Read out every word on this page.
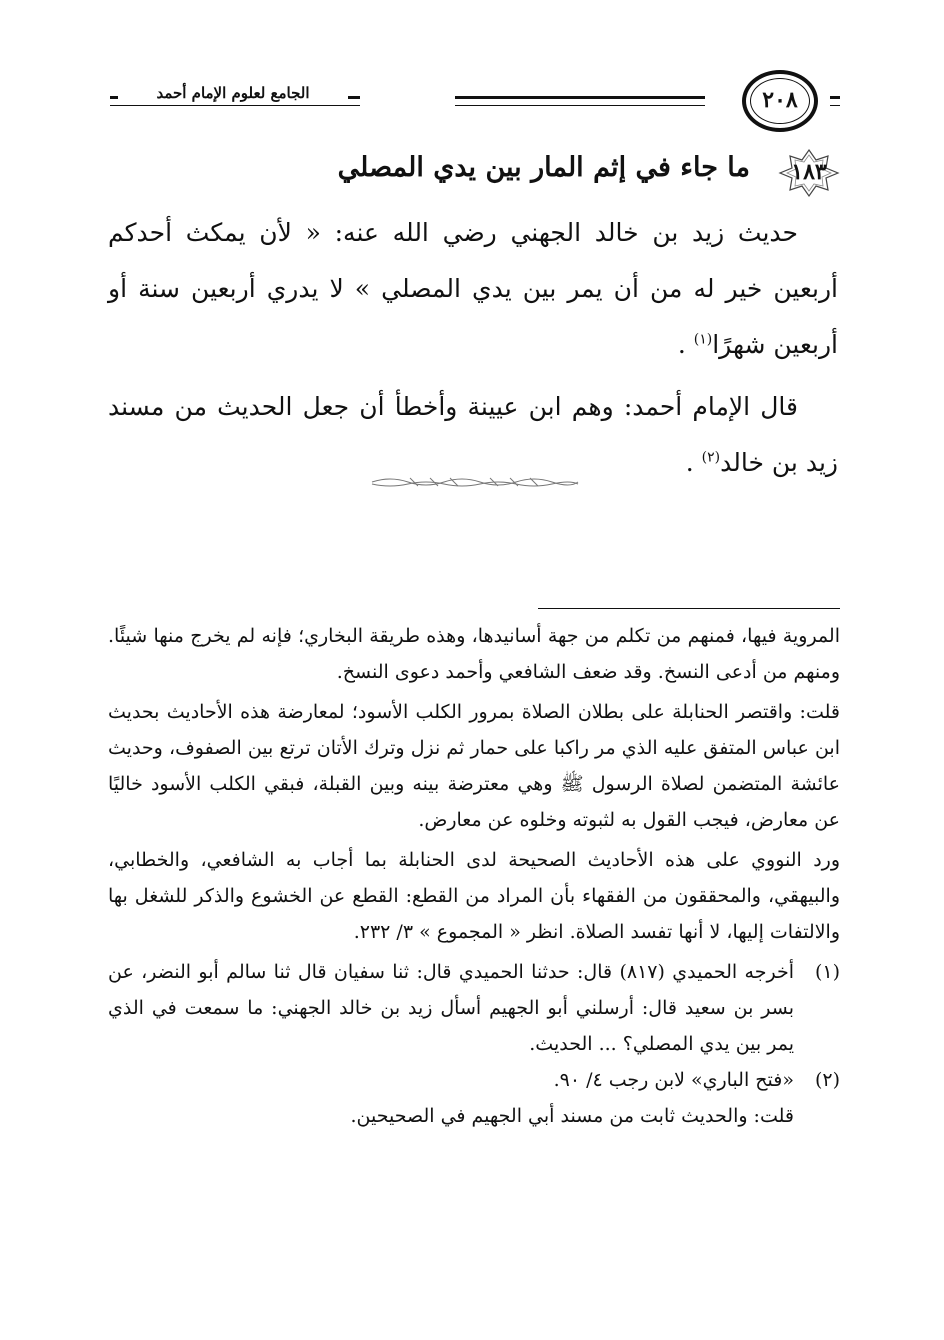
الجامع لعلوم الإمام أحمد	٢٠٨
١٨٣
ما جاء في إثم المار بين يدي المصلي

حديث زيد بن خالد الجهني رضي الله عنه: « لأن يمكث أحدكم أربعين خير له من أن يمر بين يدي المصلي » لا يدري أربعين سنة أو أربعين شهرًا$^{(١)}$ .

قال الإمام أحمد: وهم ابن عيينة وأخطأ أن جعل الحديث من مسند زيد بن خالد$^{(٢)}$ .

المروية فيها، فمنهم من تكلم من جهة أسانيدها، وهذه طريقة البخاري؛ فإنه لم يخرج منها شيئًا. ومنهم من أدعى النسخ. وقد ضعف الشافعي وأحمد دعوى النسخ.

قلت: واقتصر الحنابلة على بطلان الصلاة بمرور الكلب الأسود؛ لمعارضة هذه الأحاديث بحديث ابن عباس المتفق عليه الذي مر راكبا على حمار ثم نزل وترك الأتان ترتع بين الصفوف، وحديث عائشة المتضمن لصلاة الرسول ﷺ وهي معترضة بينه وبين القبلة، فبقي الكلب الأسود خاليًا عن معارض، فيجب القول به لثبوته وخلوه عن معارض.

ورد النووي على هذه الأحاديث الصحيحة لدى الحنابلة بما أجاب به الشافعي، والخطابي، والبيهقي، والمحققون من الفقهاء بأن المراد من القطع: القطع عن الخشوع والذكر للشغل بها والالتفات إليها، لا أنها تفسد الصلاة. انظر « المجموع » ٣/ ٢٣٢.

(١)
أخرجه الحميدي (٨١٧) قال: حدثنا الحميدي قال: ثنا سفيان قال ثنا سالم أبو النضر، عن بسر بن سعيد قال: أرسلني أبو الجهيم أسأل زيد بن خالد الجهني: ما سمعت في الذي يمر بين يدي المصلي؟ ... الحديث.
(٢)
«فتح الباري» لابن رجب ٤/ ٩٠.

قلت: والحديث ثابت من مسند أبي الجهيم في الصحيحين.
